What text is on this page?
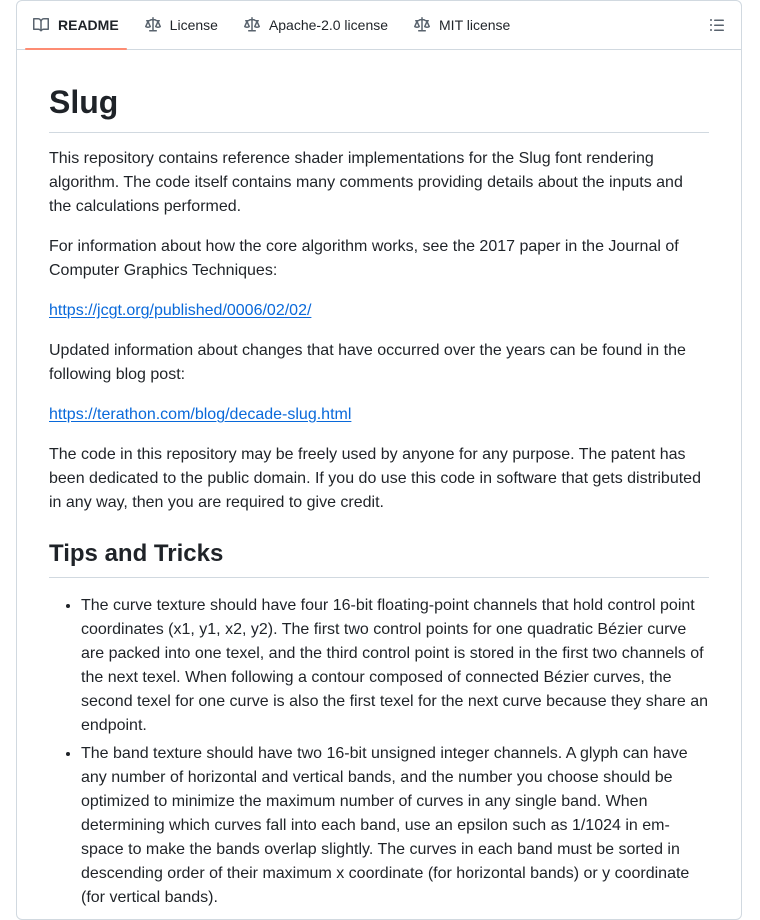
README	License	Apache-2.0 license	MIT license
Slug

This repository contains reference shader implementations for the Slug font rendering algorithm. The code itself contains many comments providing details about the inputs and the calculations performed.

For information about how the core algorithm works, see the 2017 paper in the Journal of Computer Graphics Techniques:

https://jcgt.org/published/0006/02/02/

Updated information about changes that have occurred over the years can be found in the following blog post:

https://terathon.com/blog/decade-slug.html

The code in this repository may be freely used by anyone for any purpose. The patent has been dedicated to the public domain. If you do use this code in software that gets distributed in any way, then you are required to give credit.

Tips and Tricks
• The curve texture should have four 16-bit floating-point channels that hold control point coordinates (x1, y1, x2, y2). The first two control points for one quadratic Bézier curve are packed into one texel, and the third control point is stored in the first two channels of the next texel. When following a contour composed of connected Bézier curves, the second texel for one curve is also the first texel for the next curve because they share an endpoint.
• The band texture should have two 16-bit unsigned integer channels. A glyph can have any number of horizontal and vertical bands, and the number you choose should be optimized to minimize the maximum number of curves in any single band. When determining which curves fall into each band, use an epsilon such as 1/1024 in em-space to make the bands overlap slightly. The curves in each band must be sorted in descending order of their maximum x coordinate (for horizontal bands) or y coordinate (for vertical bands).
